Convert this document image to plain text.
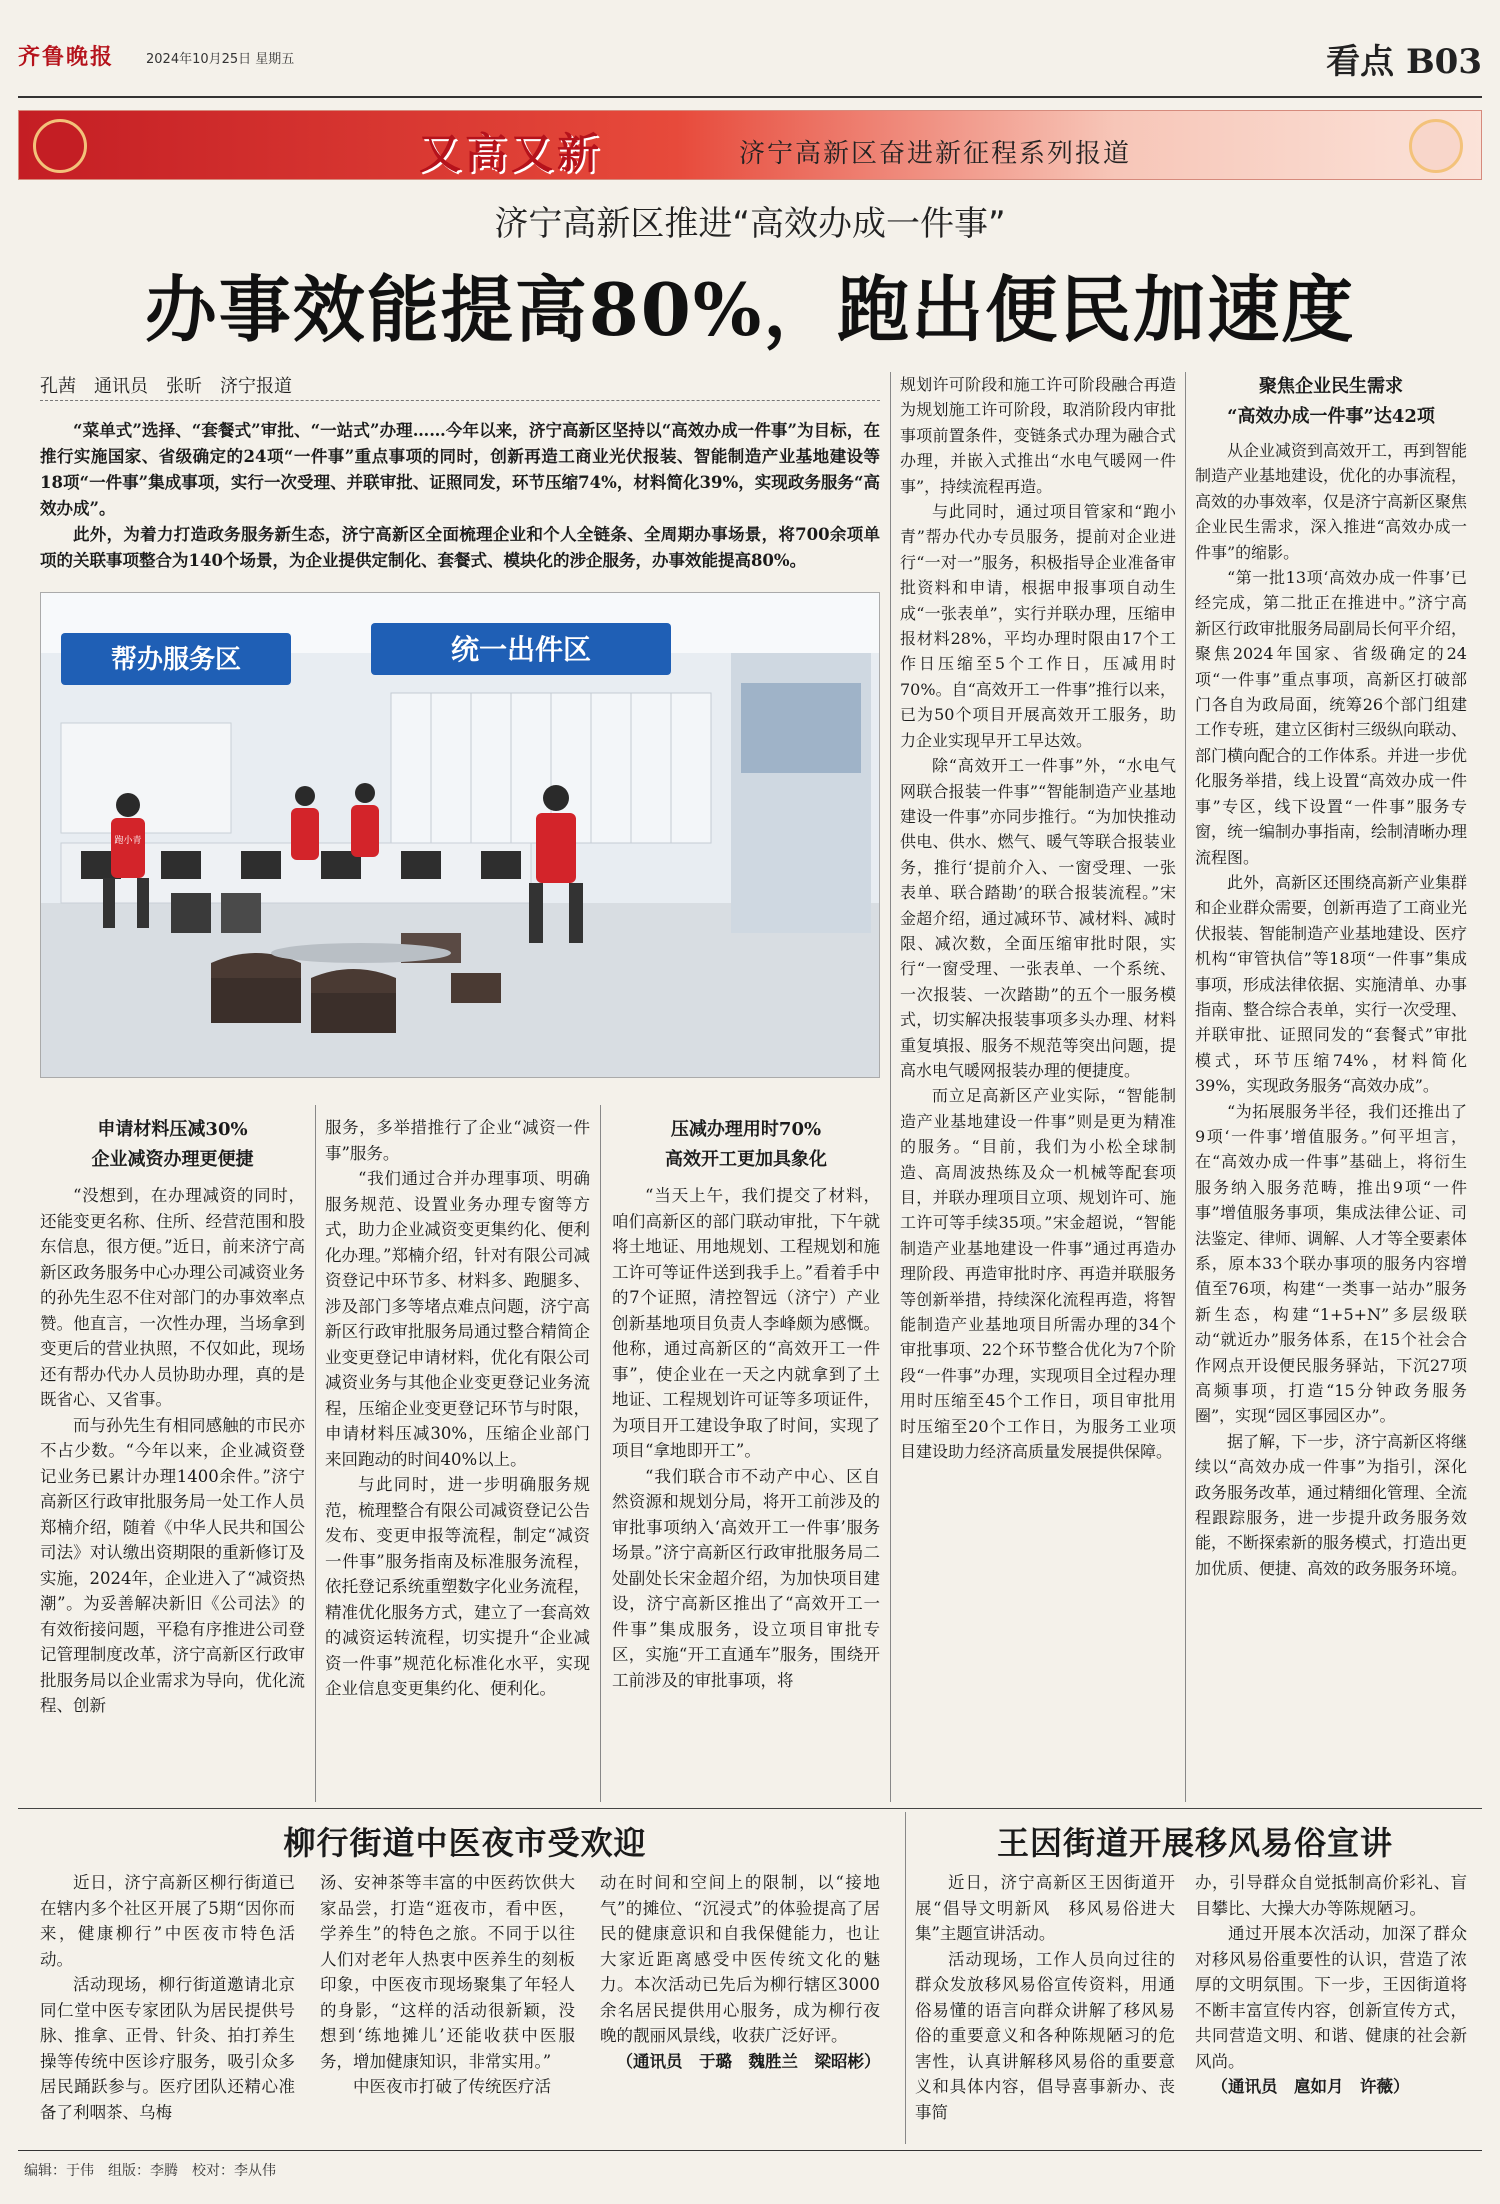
齐鲁晚报 2024年10月25日 星期五	看点 B03
又高又新	济宁高新区奋进新征程系列报道
济宁高新区推进“高效办成一件事”
办事效能提高80%，跑出便民加速度
孔茜　通讯员　张昕　济宁报道

“菜单式”选择、“套餐式”审批、“一站式”办理……今年以来，济宁高新区坚持以“高效办成一件事”为目标，在推行实施国家、省级确定的24项“一件事”重点事项的同时，创新再造工商业光伏报装、智能制造产业基地建设等18项“一件事”集成事项，实行一次受理、并联审批、证照同发，环节压缩74%，材料简化39%，实现政务服务“高效办成”。

此外，为着力打造政务服务新生态，济宁高新区全面梳理企业和个人全链条、全周期办事场景，将700余项单项的关联事项整合为140个场景，为企业提供定制化、套餐式、模块化的涉企服务，办事效能提高80%。

帮办服务区	统一出件区
跑小青
申请材料压减30%
企业减资办理更便捷

“没想到，在办理减资的同时，还能变更名称、住所、经营范围和股东信息，很方便。”近日，前来济宁高新区政务服务中心办理公司减资业务的孙先生忍不住对部门的办事效率点赞。他直言，一次性办理，当场拿到变更后的营业执照，不仅如此，现场还有帮办代办人员协助办理，真的是既省心、又省事。

而与孙先生有相同感触的市民亦不占少数。“今年以来，企业减资登记业务已累计办理1400余件。”济宁高新区行政审批服务局一处工作人员郑楠介绍，随着《中华人民共和国公司法》对认缴出资期限的重新修订及实施，2024年，企业进入了“减资热潮”。为妥善解决新旧《公司法》的有效衔接问题，平稳有序推进公司登记管理制度改革，济宁高新区行政审批服务局以企业需求为导向，优化流程、创新

服务，多举措推行了企业“减资一件事”服务。

“我们通过合并办理事项、明确服务规范、设置业务办理专窗等方式，助力企业减资变更集约化、便利化办理。”郑楠介绍，针对有限公司减资登记中环节多、材料多、跑腿多、涉及部门多等堵点难点问题，济宁高新区行政审批服务局通过整合精简企业变更登记申请材料，优化有限公司减资业务与其他企业变更登记业务流程，压缩企业变更登记环节与时限，申请材料压减30%，压缩企业部门来回跑动的时间40%以上。

与此同时，进一步明确服务规范，梳理整合有限公司减资登记公告发布、变更申报等流程，制定“减资一件事”服务指南及标准服务流程，依托登记系统重塑数字化业务流程，精准优化服务方式，建立了一套高效的减资运转流程，切实提升“企业减资一件事”规范化标准化水平，实现企业信息变更集约化、便利化。

压减办理用时70%
高效开工更加具象化

“当天上午，我们提交了材料，咱们高新区的部门联动审批，下午就将土地证、用地规划、工程规划和施工许可等证件送到我手上。”看着手中的7个证照，清控智远（济宁）产业创新基地项目负责人李峰颇为感慨。他称，通过高新区的“高效开工一件事”，使企业在一天之内就拿到了土地证、工程规划许可证等多项证件，为项目开工建设争取了时间，实现了项目“拿地即开工”。

“我们联合市不动产中心、区自然资源和规划分局，将开工前涉及的审批事项纳入‘高效开工一件事’服务场景。”济宁高新区行政审批服务局二处副处长宋金超介绍，为加快项目建设，济宁高新区推出了“高效开工一件事”集成服务，设立项目审批专区，实施“开工直通车”服务，围绕开工前涉及的审批事项，将

规划许可阶段和施工许可阶段融合再造为规划施工许可阶段，取消阶段内审批事项前置条件，变链条式办理为融合式办理，并嵌入式推出“水电气暖网一件事”，持续流程再造。

与此同时，通过项目管家和“跑小青”帮办代办专员服务，提前对企业进行“一对一”服务，积极指导企业准备审批资料和申请，根据申报事项自动生成“一张表单”，实行并联办理，压缩申报材料28%，平均办理时限由17个工作日压缩至5个工作日，压减用时70%。自“高效开工一件事”推行以来，已为50个项目开展高效开工服务，助力企业实现早开工早达效。

除“高效开工一件事”外，“水电气网联合报装一件事”“智能制造产业基地建设一件事”亦同步推行。“为加快推动供电、供水、燃气、暖气等联合报装业务，推行‘提前介入、一窗受理、一张表单、联合踏勘’的联合报装流程。”宋金超介绍，通过减环节、减材料、减时限、减次数，全面压缩审批时限，实行“一窗受理、一张表单、一个系统、一次报装、一次踏勘”的五个一服务模式，切实解决报装事项多头办理、材料重复填报、服务不规范等突出问题，提高水电气暖网报装办理的便捷度。

而立足高新区产业实际，“智能制造产业基地建设一件事”则是更为精准的服务。“目前，我们为小松全球制造、高周波热练及众一机械等配套项目，并联办理项目立项、规划许可、施工许可等手续35项。”宋金超说，“智能制造产业基地建设一件事”通过再造办理阶段、再造审批时序、再造并联服务等创新举措，持续深化流程再造，将智能制造产业基地项目所需办理的34个审批事项、22个环节整合优化为7个阶段“一件事”办理，实现项目全过程办理用时压缩至45个工作日，项目审批用时压缩至20个工作日，为服务工业项目建设助力经济高质量发展提供保障。

聚焦企业民生需求
“高效办成一件事”达42项

从企业减资到高效开工，再到智能制造产业基地建设，优化的办事流程，高效的办事效率，仅是济宁高新区聚焦企业民生需求，深入推进“高效办成一件事”的缩影。

“第一批13项‘高效办成一件事’已经完成，第二批正在推进中。”济宁高新区行政审批服务局副局长何平介绍，聚焦2024年国家、省级确定的24项“一件事”重点事项，高新区打破部门各自为政局面，统筹26个部门组建工作专班，建立区街村三级纵向联动、部门横向配合的工作体系。并进一步优化服务举措，线上设置“高效办成一件事”专区，线下设置“一件事”服务专窗，统一编制办事指南，绘制清晰办理流程图。

此外，高新区还围绕高新产业集群和企业群众需要，创新再造了工商业光伏报装、智能制造产业基地建设、医疗机构“审管执信”等18项“一件事”集成事项，形成法律依据、实施清单、办事指南、整合综合表单，实行一次受理、并联审批、证照同发的“套餐式”审批模式，环节压缩74%，材料简化39%，实现政务服务“高效办成”。

“为拓展服务半径，我们还推出了9项‘一件事’增值服务。”何平坦言，在“高效办成一件事”基础上，将衍生服务纳入服务范畴，推出9项“一件事”增值服务事项，集成法律公证、司法鉴定、律师、调解、人才等全要素体系，原本33个联办事项的服务内容增值至76项，构建“一类事一站办”服务新生态，构建“1+5+N”多层级联动“就近办”服务体系，在15个社会合作网点开设便民服务驿站，下沉27项高频事项，打造“15分钟政务服务圈”，实现“园区事园区办”。

据了解，下一步，济宁高新区将继续以“高效办成一件事”为指引，深化政务服务改革，通过精细化管理、全流程跟踪服务，进一步提升政务服务效能，不断探索新的服务模式，打造出更加优质、便捷、高效的政务服务环境。

柳行街道中医夜市受欢迎

近日，济宁高新区柳行街道已在辖内多个社区开展了5期“因你而来，健康柳行”中医夜市特色活动。

活动现场，柳行街道邀请北京同仁堂中医专家团队为居民提供号脉、推拿、正骨、针灸、拍打养生操等传统中医诊疗服务，吸引众多居民踊跃参与。医疗团队还精心准备了利咽茶、乌梅

汤、安神茶等丰富的中医药饮供大家品尝，打造“逛夜市，看中医，学养生”的特色之旅。不同于以往人们对老年人热衷中医养生的刻板印象，中医夜市现场聚集了年轻人的身影，“这样的活动很新颖，没想到‘练地摊儿’还能收获中医服务，增加健康知识，非常实用。”

中医夜市打破了传统医疗活

动在时间和空间上的限制，以“接地气”的摊位、“沉浸式”的体验提高了居民的健康意识和自我保健能力，也让大家近距离感受中医传统文化的魅力。本次活动已先后为柳行辖区3000余名居民提供用心服务，成为柳行夜晚的靓丽风景线，收获广泛好评。
（通讯员　于璐　魏胜兰　梁昭彬）
王因街道开展移风易俗宣讲

近日，济宁高新区王因街道开展“倡导文明新风　移风易俗进大集”主题宣讲活动。

活动现场，工作人员向过往的群众发放移风易俗宣传资料，用通俗易懂的语言向群众讲解了移风易俗的重要意义和各种陈规陋习的危害性，认真讲解移风易俗的重要意义和具体内容，倡导喜事新办、丧事简

办，引导群众自觉抵制高价彩礼、盲目攀比、大操大办等陈规陋习。

通过开展本次活动，加深了群众对移风易俗重要性的认识，营造了浓厚的文明氛围。下一步，王因街道将不断丰富宣传内容，创新宣传方式，共同营造文明、和谐、健康的社会新风尚。

（通讯员　扈如月　许薇）
编辑：于伟　组版：李腾　校对：李从伟
